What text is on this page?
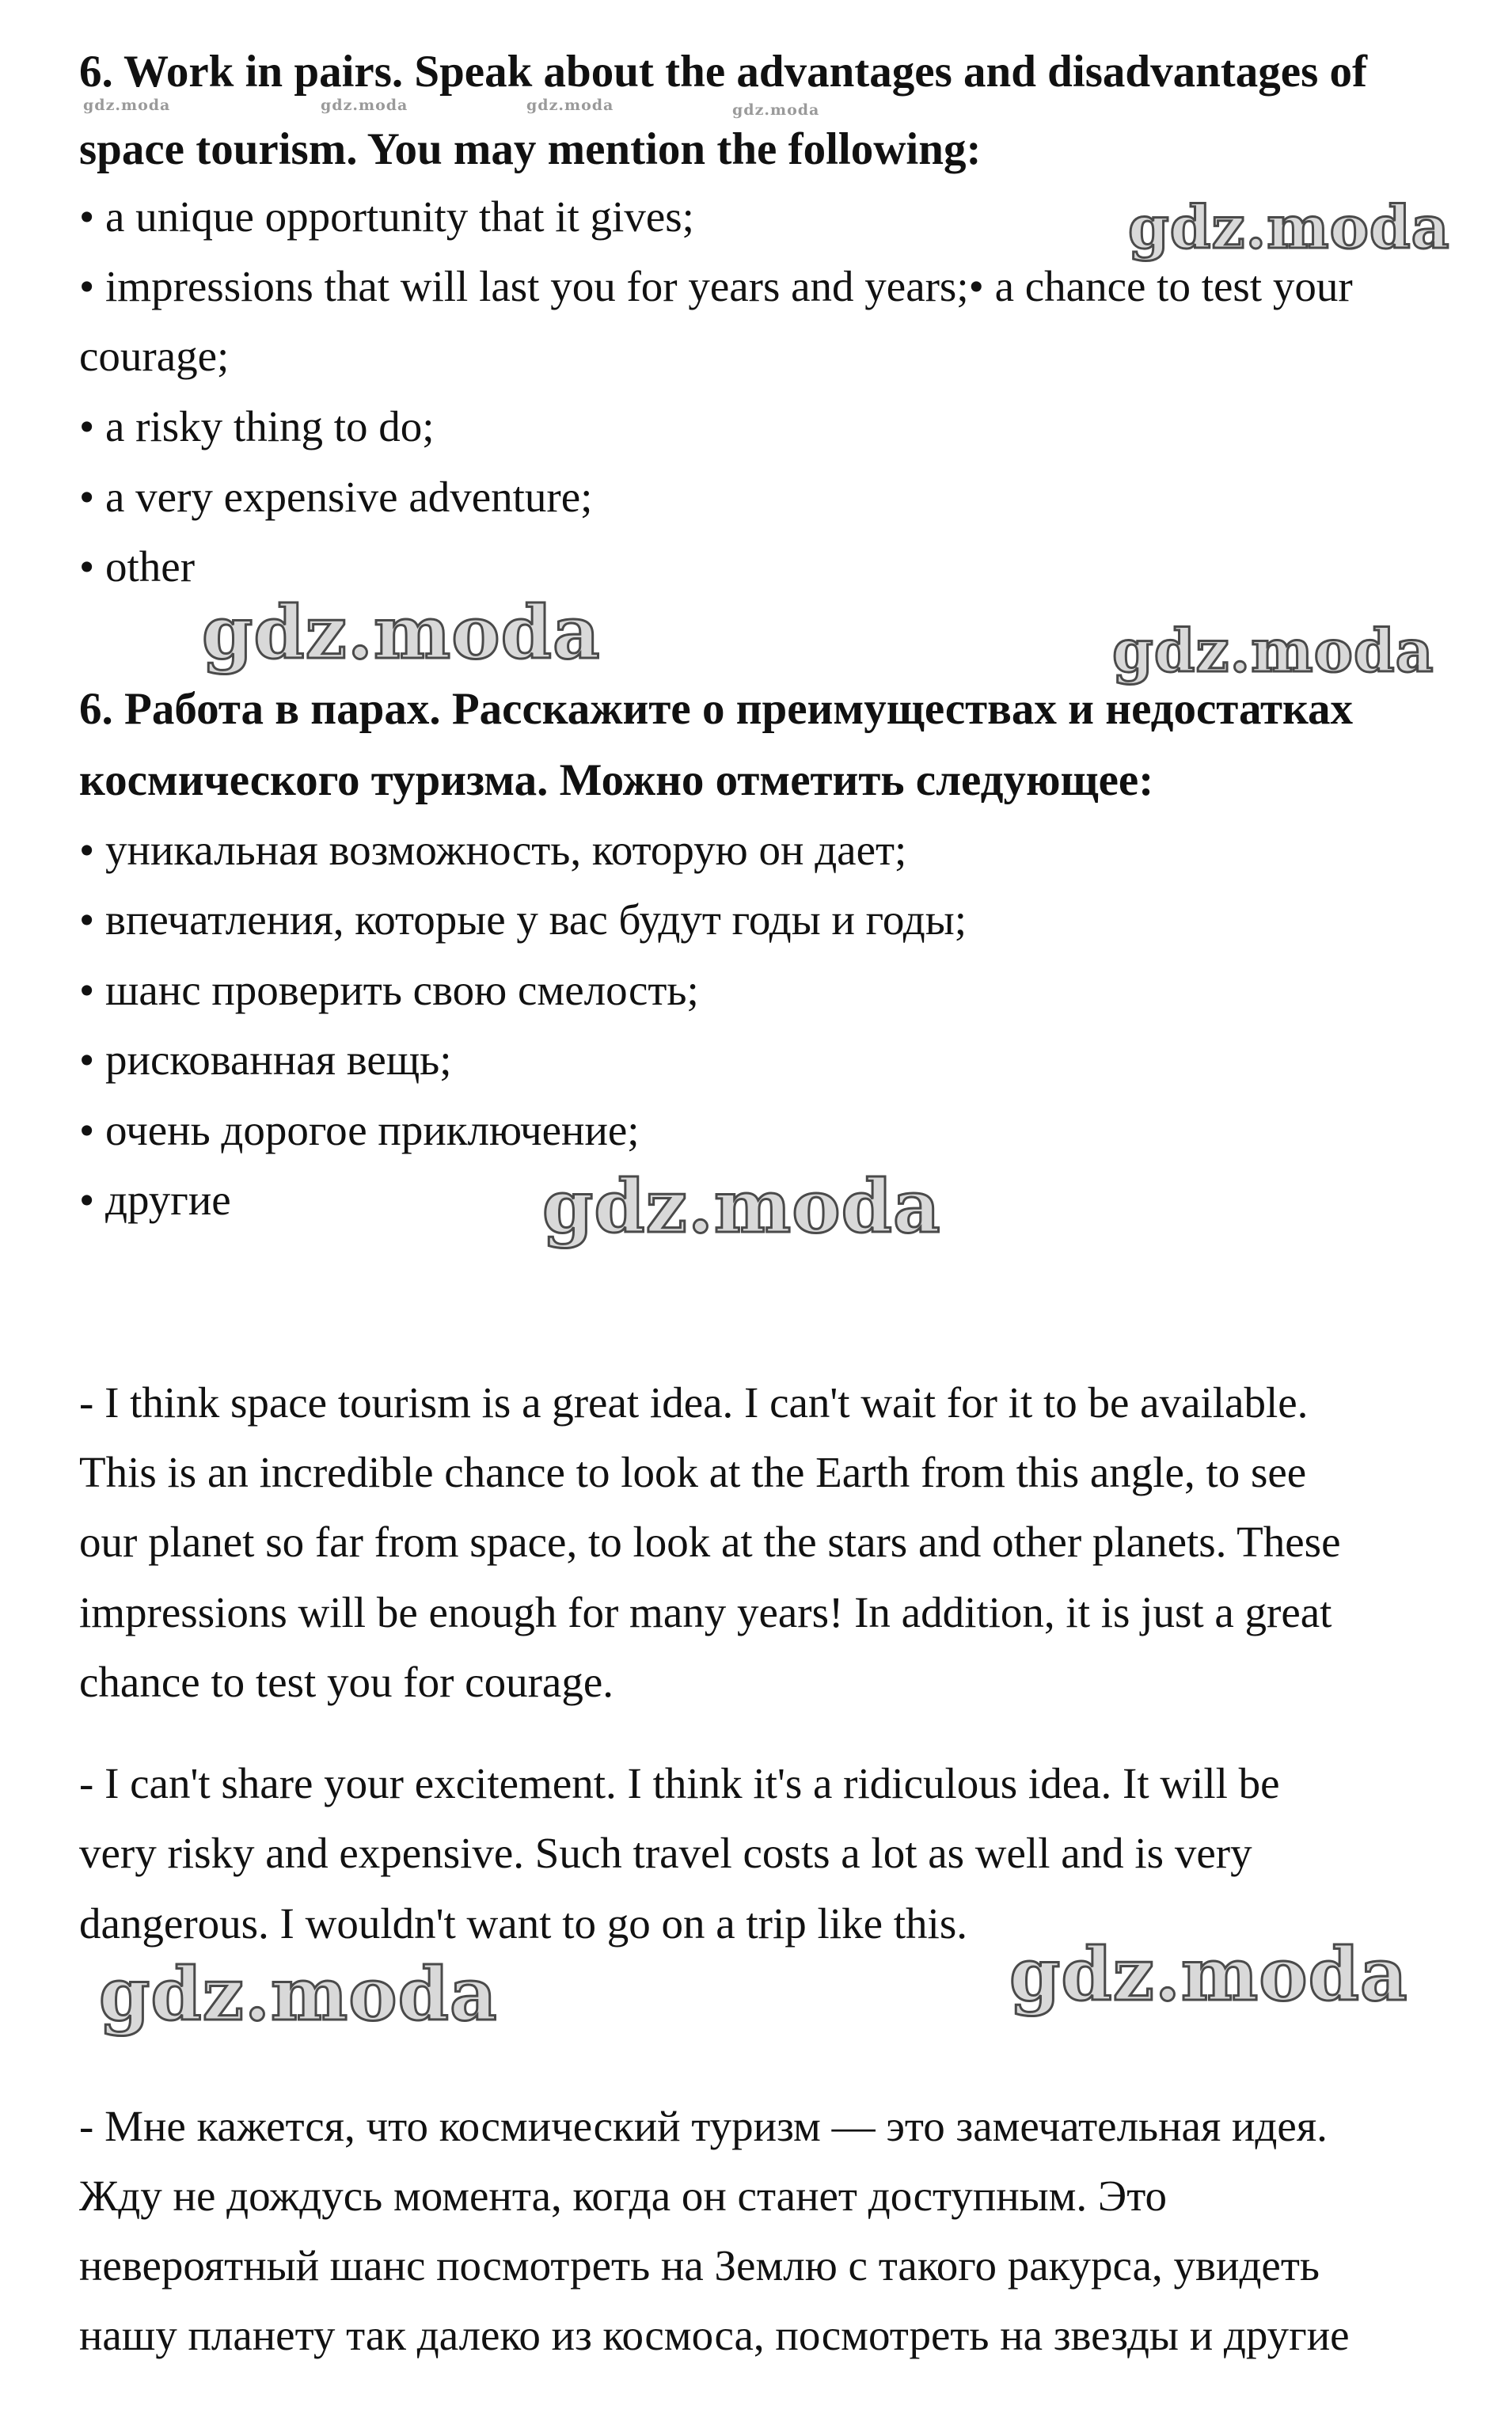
6. Work in pairs. Speak about the advantages and disadvantages of
space tourism. You may mention the following:
gdz.moda	gdz.moda	gdz.moda	gdz.moda
• a unique opportunity that it gives;
• impressions that will last you for years and years;• a chance to test your
courage;
• a risky thing to do;
• a very expensive adventure;
• other
gdz.moda
gdz.moda	gdz.moda
6. Работа в парах. Расскажите о преимуществах и недостатках
космического туризма. Можно отметить следующее:
• уникальная возможность, которую он дает;
• впечатления, которые у вас будут годы и годы;
• шанс проверить свою смелость;
• рискованная вещь;
• очень дорогое приключение;
• другие	gdz.moda
- I think space tourism is a great idea. I can't wait for it to be available.
This is an incredible chance to look at the Earth from this angle, to see
our planet so far from space, to look at the stars and other planets. These
impressions will be enough for many years! In addition, it is just a great
chance to test you for courage.
- I can't share your excitement. I think it's a ridiculous idea. It will be
very risky and expensive. Such travel costs a lot as well and is very
dangerous. I wouldn't want to go on a trip like this.
gdz.moda	gdz.moda
- Мне кажется, что космический туризм — это замечательная идея.
Жду не дождусь момента, когда он станет доступным. Это
невероятный шанс посмотреть на Землю с такого ракурса, увидеть
нашу планету так далеко из космоса, посмотреть на звезды и другие
